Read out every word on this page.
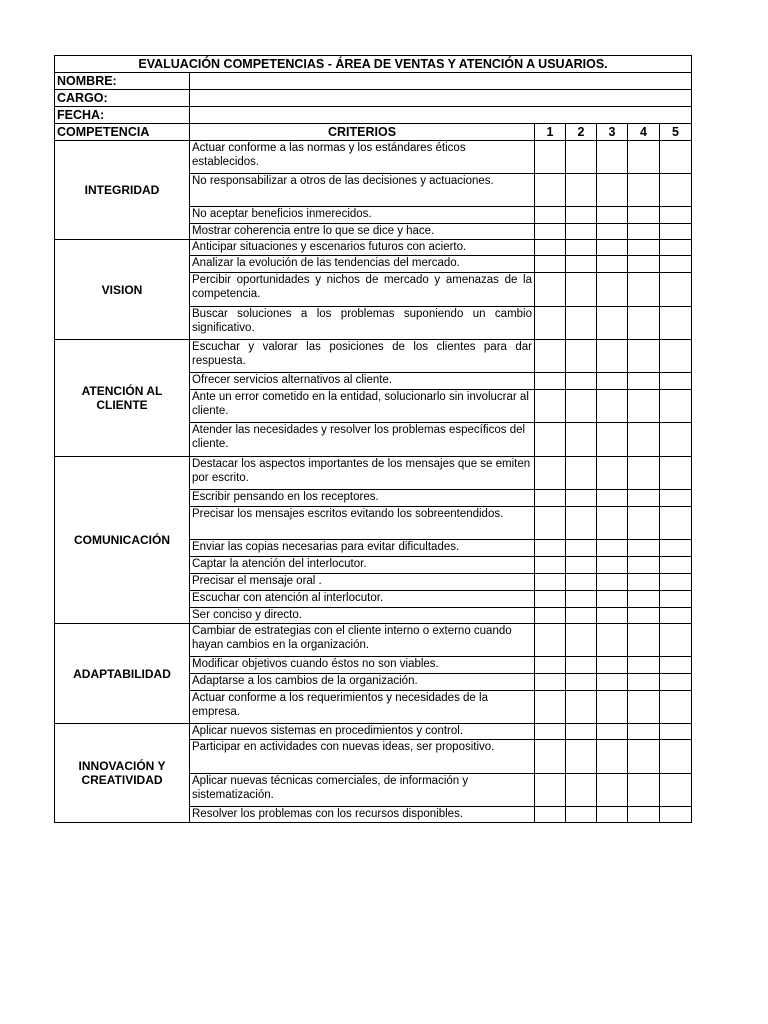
EVALUACIÓN COMPETENCIAS - ÁREA DE VENTAS Y ATENCIÓN A USUARIOS.						
NOMBRE:						
CARGO:						
FECHA:						
COMPETENCIA	CRITERIOS	1	2	3	4	5
INTEGRIDAD	Actuar conforme a las normas y los estándares éticos establecidos.					
	No responsabilizar a otros de las decisiones y actuaciones.					
	No aceptar beneficios inmerecidos.					
	Mostrar coherencia entre lo que se dice y hace.					
VISION	Anticipar situaciones y escenarios futuros con acierto.					
	Analizar la evolución de las tendencias del mercado.					
	Percibir oportunidades y nichos de mercado y amenazas de la competencia.					
	Buscar soluciones a los problemas suponiendo un cambio significativo.					
ATENCIÓN AL CLIENTE	Escuchar y valorar las posiciones de los clientes para dar respuesta.					
	Ofrecer servicios alternativos al cliente.					
	Ante un error cometido en la entidad, solucionarlo sin involucrar al cliente.					
	Atender las necesidades y resolver los problemas específicos del cliente.					
COMUNICACIÓN	Destacar los aspectos importantes de los mensajes que se emiten por escrito.					
	Escribir pensando en los receptores.					
	Precisar los mensajes escritos evitando los sobreentendidos.					
	Enviar las copias necesarias para evitar dificultades.					
	Captar la atención del interlocutor.					
	Precisar el mensaje oral .					
	Escuchar con atención al interlocutor.					
	Ser conciso y directo.					
ADAPTABILIDAD	Cambiar de estrategias con el cliente interno o externo cuando hayan cambios en la organización.					
	Modificar objetivos cuando éstos no son viables.					
	Adaptarse a los cambios de la organización.					
	Actuar conforme a los requerimientos y necesidades de la empresa.					
INNOVACIÓN Y CREATIVIDAD	Aplicar nuevos sistemas en procedimientos y control.					
	Participar en actividades con nuevas ideas, ser propositivo.					
	Aplicar nuevas técnicas comerciales, de información y sistematización.					
	Resolver los problemas con los recursos disponibles.					
